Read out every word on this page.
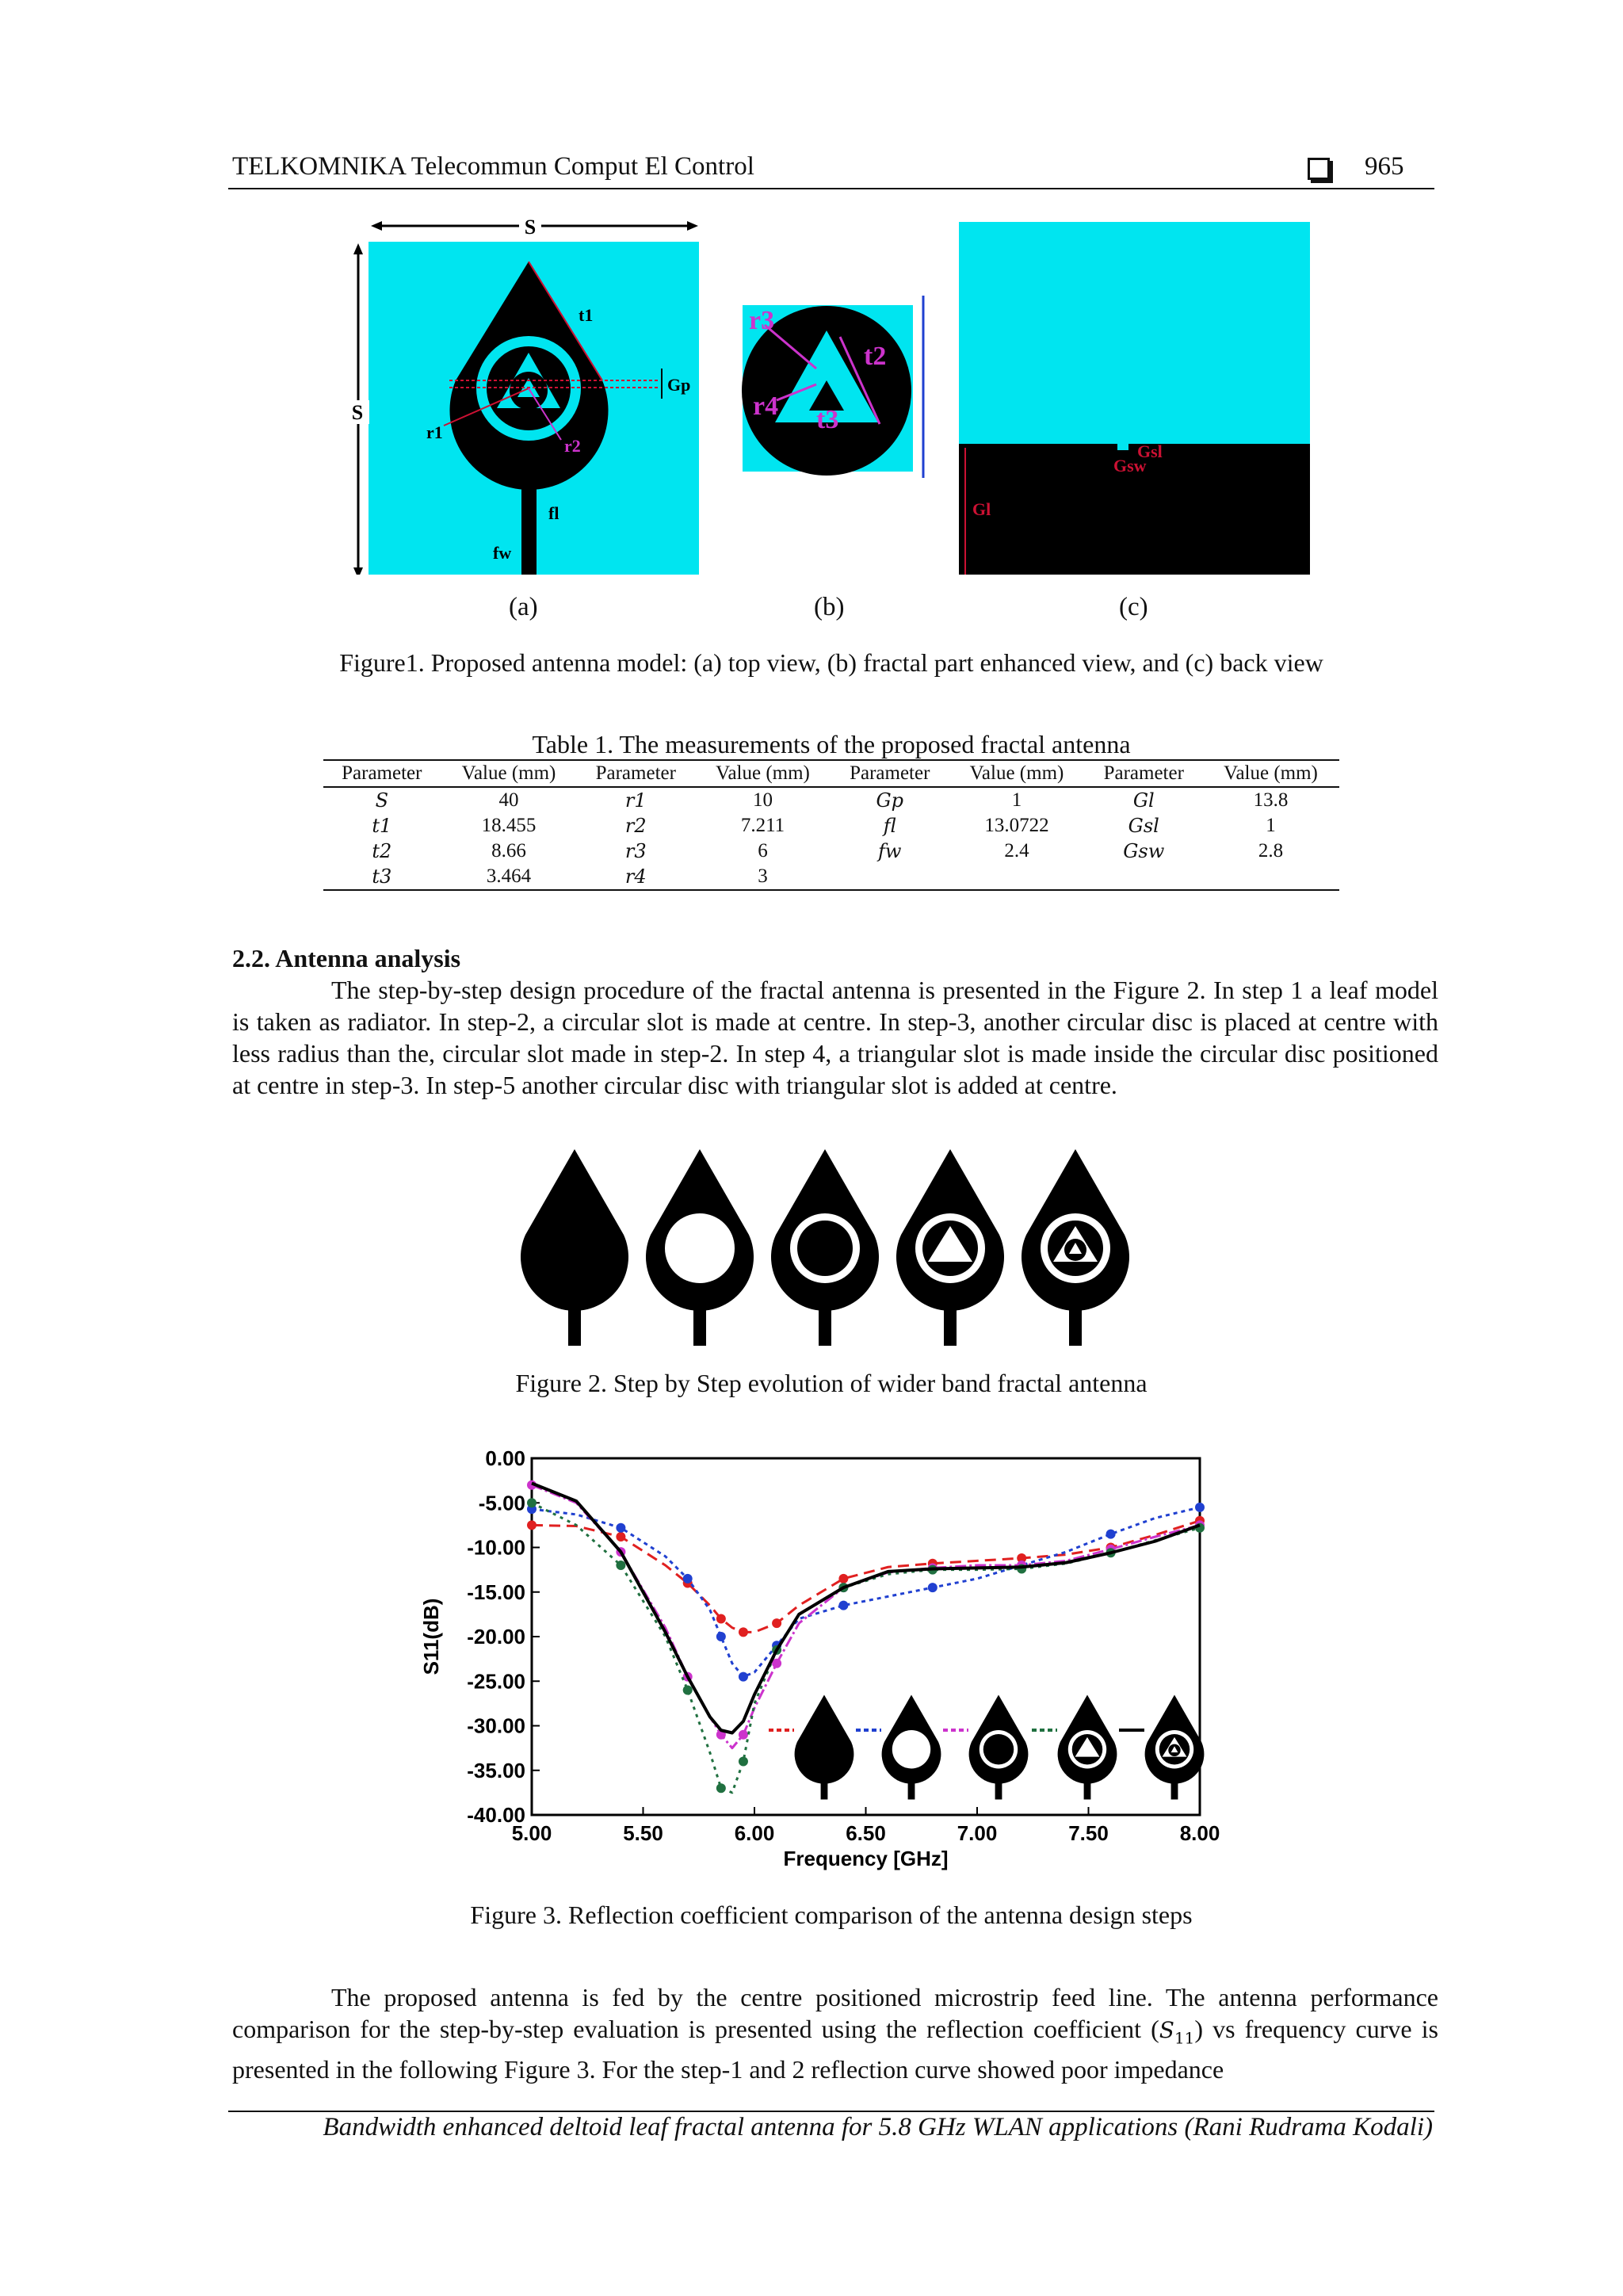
TELKOMNIKA Telecommun Comput El Control	965
S
S
t1
Gp
r1
r2
fl
fw
r3
r4
t2
t3
Gl
Gsl
Gsw
(a)	(b)	(c)
Figure1. Proposed antenna model: (a) top view, (b) fractal part enhanced view, and (c) back view
Table 1. The measurements of the proposed fractal antenna
Parameter	Value (mm)	Parameter	Value (mm)	Parameter	Value (mm)	Parameter	Value (mm)
S	40	r1	10	Gp	1	Gl	13.8
t1	18.455	r2	7.211	fl	13.0722	Gsl	1
t2	8.66	r3	6	fw	2.4	Gsw	2.8
t3	3.464	r4	3				
2.2. Antenna analysis
The step-by-step design procedure of the fractal antenna is presented in the Figure 2. In step 1 a leaf model is taken as radiator. In step-2, a circular slot is made at centre. In step-3, another circular disc is placed at centre with less radius than the, circular slot made in step-2. In step 4, a triangular slot is made inside the circular disc positioned at centre in step-3. In step-5 another circular disc with triangular slot is added at centre.
Figure 2. Step by Step evolution of wider band fractal antenna
0.00
-5.00
-10.00
-15.00
-20.00
-25.00
-30.00
-35.00
-40.00
5.00	5.50	6.00	6.50	7.00	7.50	8.00
Frequency [GHz]
S11(dB)
Figure 3. Reflection coefficient comparison of the antenna design steps
The proposed antenna is fed by the centre positioned microstrip feed line. The antenna performance comparison for the step-by-step evaluation is presented using the reflection coefficient $(S_{11})$ vs frequency curve is presented in the following Figure 3. For the step-1 and 2 reflection curve showed poor impedance
Bandwidth enhanced deltoid leaf fractal antenna for 5.8 GHz WLAN applications (Rani Rudrama Kodali)
